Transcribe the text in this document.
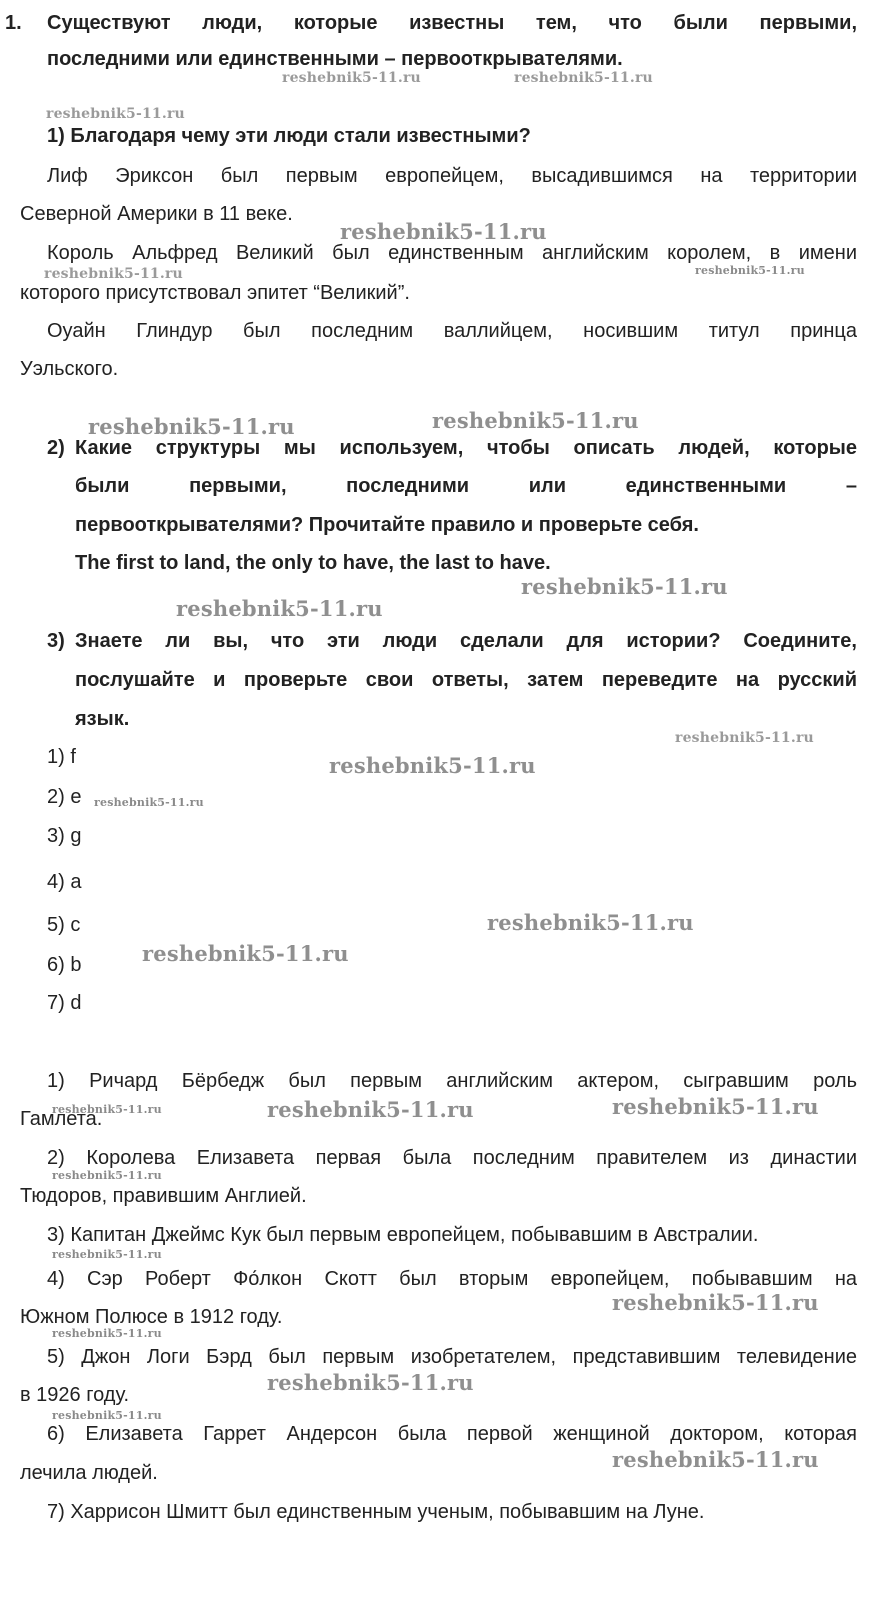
1. Существуют люди, которые известны тем, что были первыми,
последними или единственными – первооткрывателями.
1) Благодаря чему эти люди стали известными?
Лиф Эриксон был первым европейцем, высадившимся на территории
Северной Америки в 11 веке.
Король Альфред Великий был единственным английским королем, в имени
которого присутствовал эпитет “Великий”.
Оуайн Глиндур был последним валлийцем, носившим титул принца
Уэльского.
2) Какие структуры мы используем, чтобы описать людей, которые
были первыми, последними или единственными –
первооткрывателями? Прочитайте правило и проверьте себя.
The first to land, the only to have, the last to have.
3) Знаете ли вы, что эти люди сделали для истории? Соедините,
послушайте и проверьте свои ответы, затем переведите на русский
язык.
1) f
2) e
3) g
4) a
5) c
6) b
7) d
1) Ричард Бёрбедж был первым английским актером, сыгравшим роль
Гамлета.
2) Королева Елизавета первая была последним правителем из династии
Тюдоров, правившим Англией.
3) Капитан Джеймс Кук был первым европейцем, побывавшим в Австралии.
4) Сэр Роберт Фо́лкон Скотт был вторым европейцем, побывавшим на
Южном Полюсе в 1912 году.
5) Джон Логи Бэрд был первым изобретателем, представившим телевидение
в 1926 году.
6) Елизавета Гаррет Андерсон была первой женщиной доктором, которая
лечила людей.
7) Харрисон Шмитт был единственным ученым, побывавшим на Луне.
reshebnik5-11.ru	reshebnik5-11.ru
reshebnik5-11.ru
reshebnik5-11.ru
reshebnik5-11.ru	reshebnik5-11.ru
reshebnik5-11.ru	reshebnik5-11.ru
reshebnik5-11.ru
reshebnik5-11.ru
reshebnik5-11.ru
reshebnik5-11.ru
reshebnik5-11.ru
reshebnik5-11.ru
reshebnik5-11.ru
reshebnik5-11.ru	reshebnik5-11.ru	reshebnik5-11.ru
reshebnik5-11.ru
reshebnik5-11.ru
reshebnik5-11.ru
reshebnik5-11.ru
reshebnik5-11.ru
reshebnik5-11.ru
reshebnik5-11.ru
